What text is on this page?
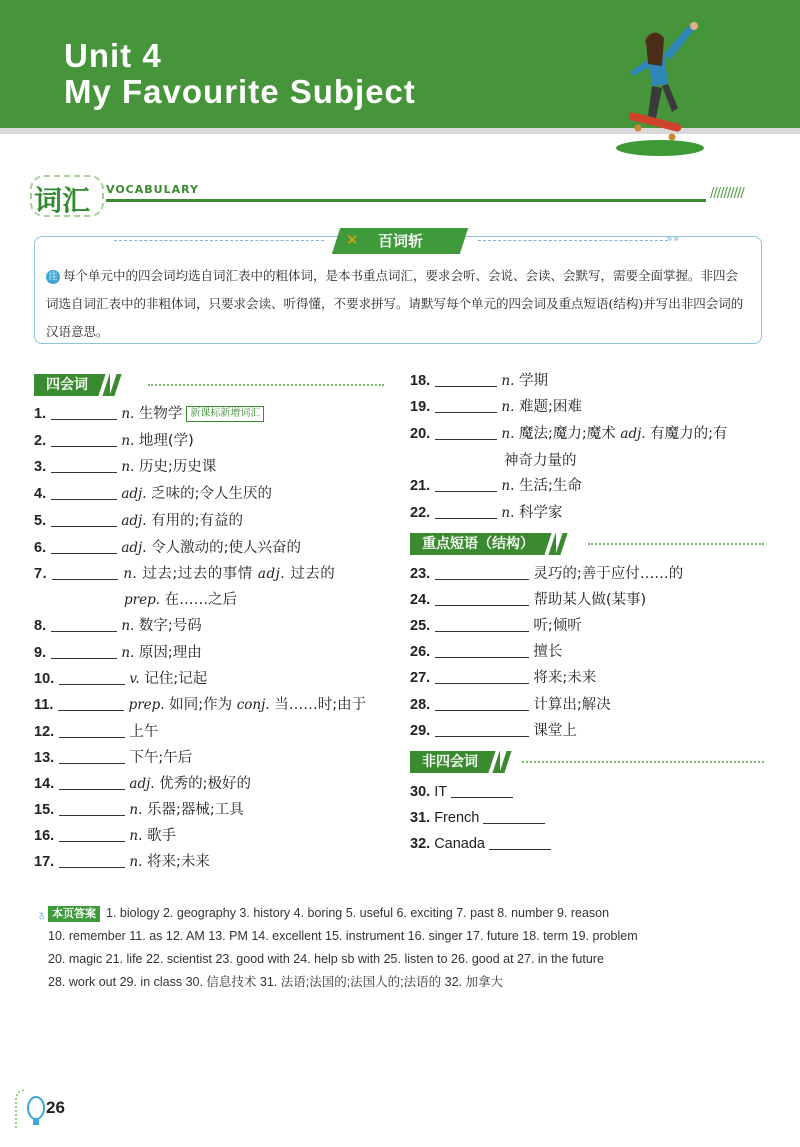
Unit 4
My Favourite Subject
词汇 VOCABULARY	//////////
»»
✕ 百词斩
注 每个单元中的四会词均选自词汇表中的粗体词，是本书重点词汇，要求会听、会说、会读、会默写，需要全面掌握。非四会词选自词汇表中的非粗体词，只要求会读、听得懂，不要求拼写。请默写每个单元的四会词及重点短语(结构)并写出非四会词的汉语意思。
四会词
重点短语（结构）
非四会词
♁ 本页答案 1. biology 2. geography 3. history 4. boring 5. useful 6. exciting 7. past 8. number 9. reason
10. remember 11. as 12. AM 13. PM 14. excellent 15. instrument 16. singer 17. future 18. term 19. problem
20. magic 21. life 22. scientist 23. good with 24. help sb with 25. listen to 26. good at 27. in the future
28. work out 29. in class 30. 信息技术 31. 法语;法国的;法国人的;法语的 32. 加拿大
26
1.	n. 生物学 新课标新增词汇
2.	n. 地理(学)
3.	n. 历史;历史课
4.	adj. 乏味的;令人生厌的
5.	adj. 有用的;有益的
6.	adj. 令人激动的;使人兴奋的
7.	n. 过去;过去的事情 adj. 过去的
prep. 在……之后
8.	n. 数字;号码
9.	n. 原因;理由
10.	v. 记住;记起
11.	prep. 如同;作为 conj. 当……时;由于
12.	上午
13.	下午;午后
14.	adj. 优秀的;极好的
15.	n. 乐器;器械;工具
16.	n. 歌手
17.	n. 将来;未来
18.	n. 学期
19.	n. 难题;困难
20.	n. 魔法;魔力;魔术 adj. 有魔力的;有
神奇力量的
21.	n. 生活;生命
22.	n. 科学家
23.	灵巧的;善于应付……的
24.	帮助某人做(某事)
25.	听;倾听
26.	擅长
27.	将来;未来
28.	计算出;解决
29.	课堂上
30. IT
31. French
32. Canada
